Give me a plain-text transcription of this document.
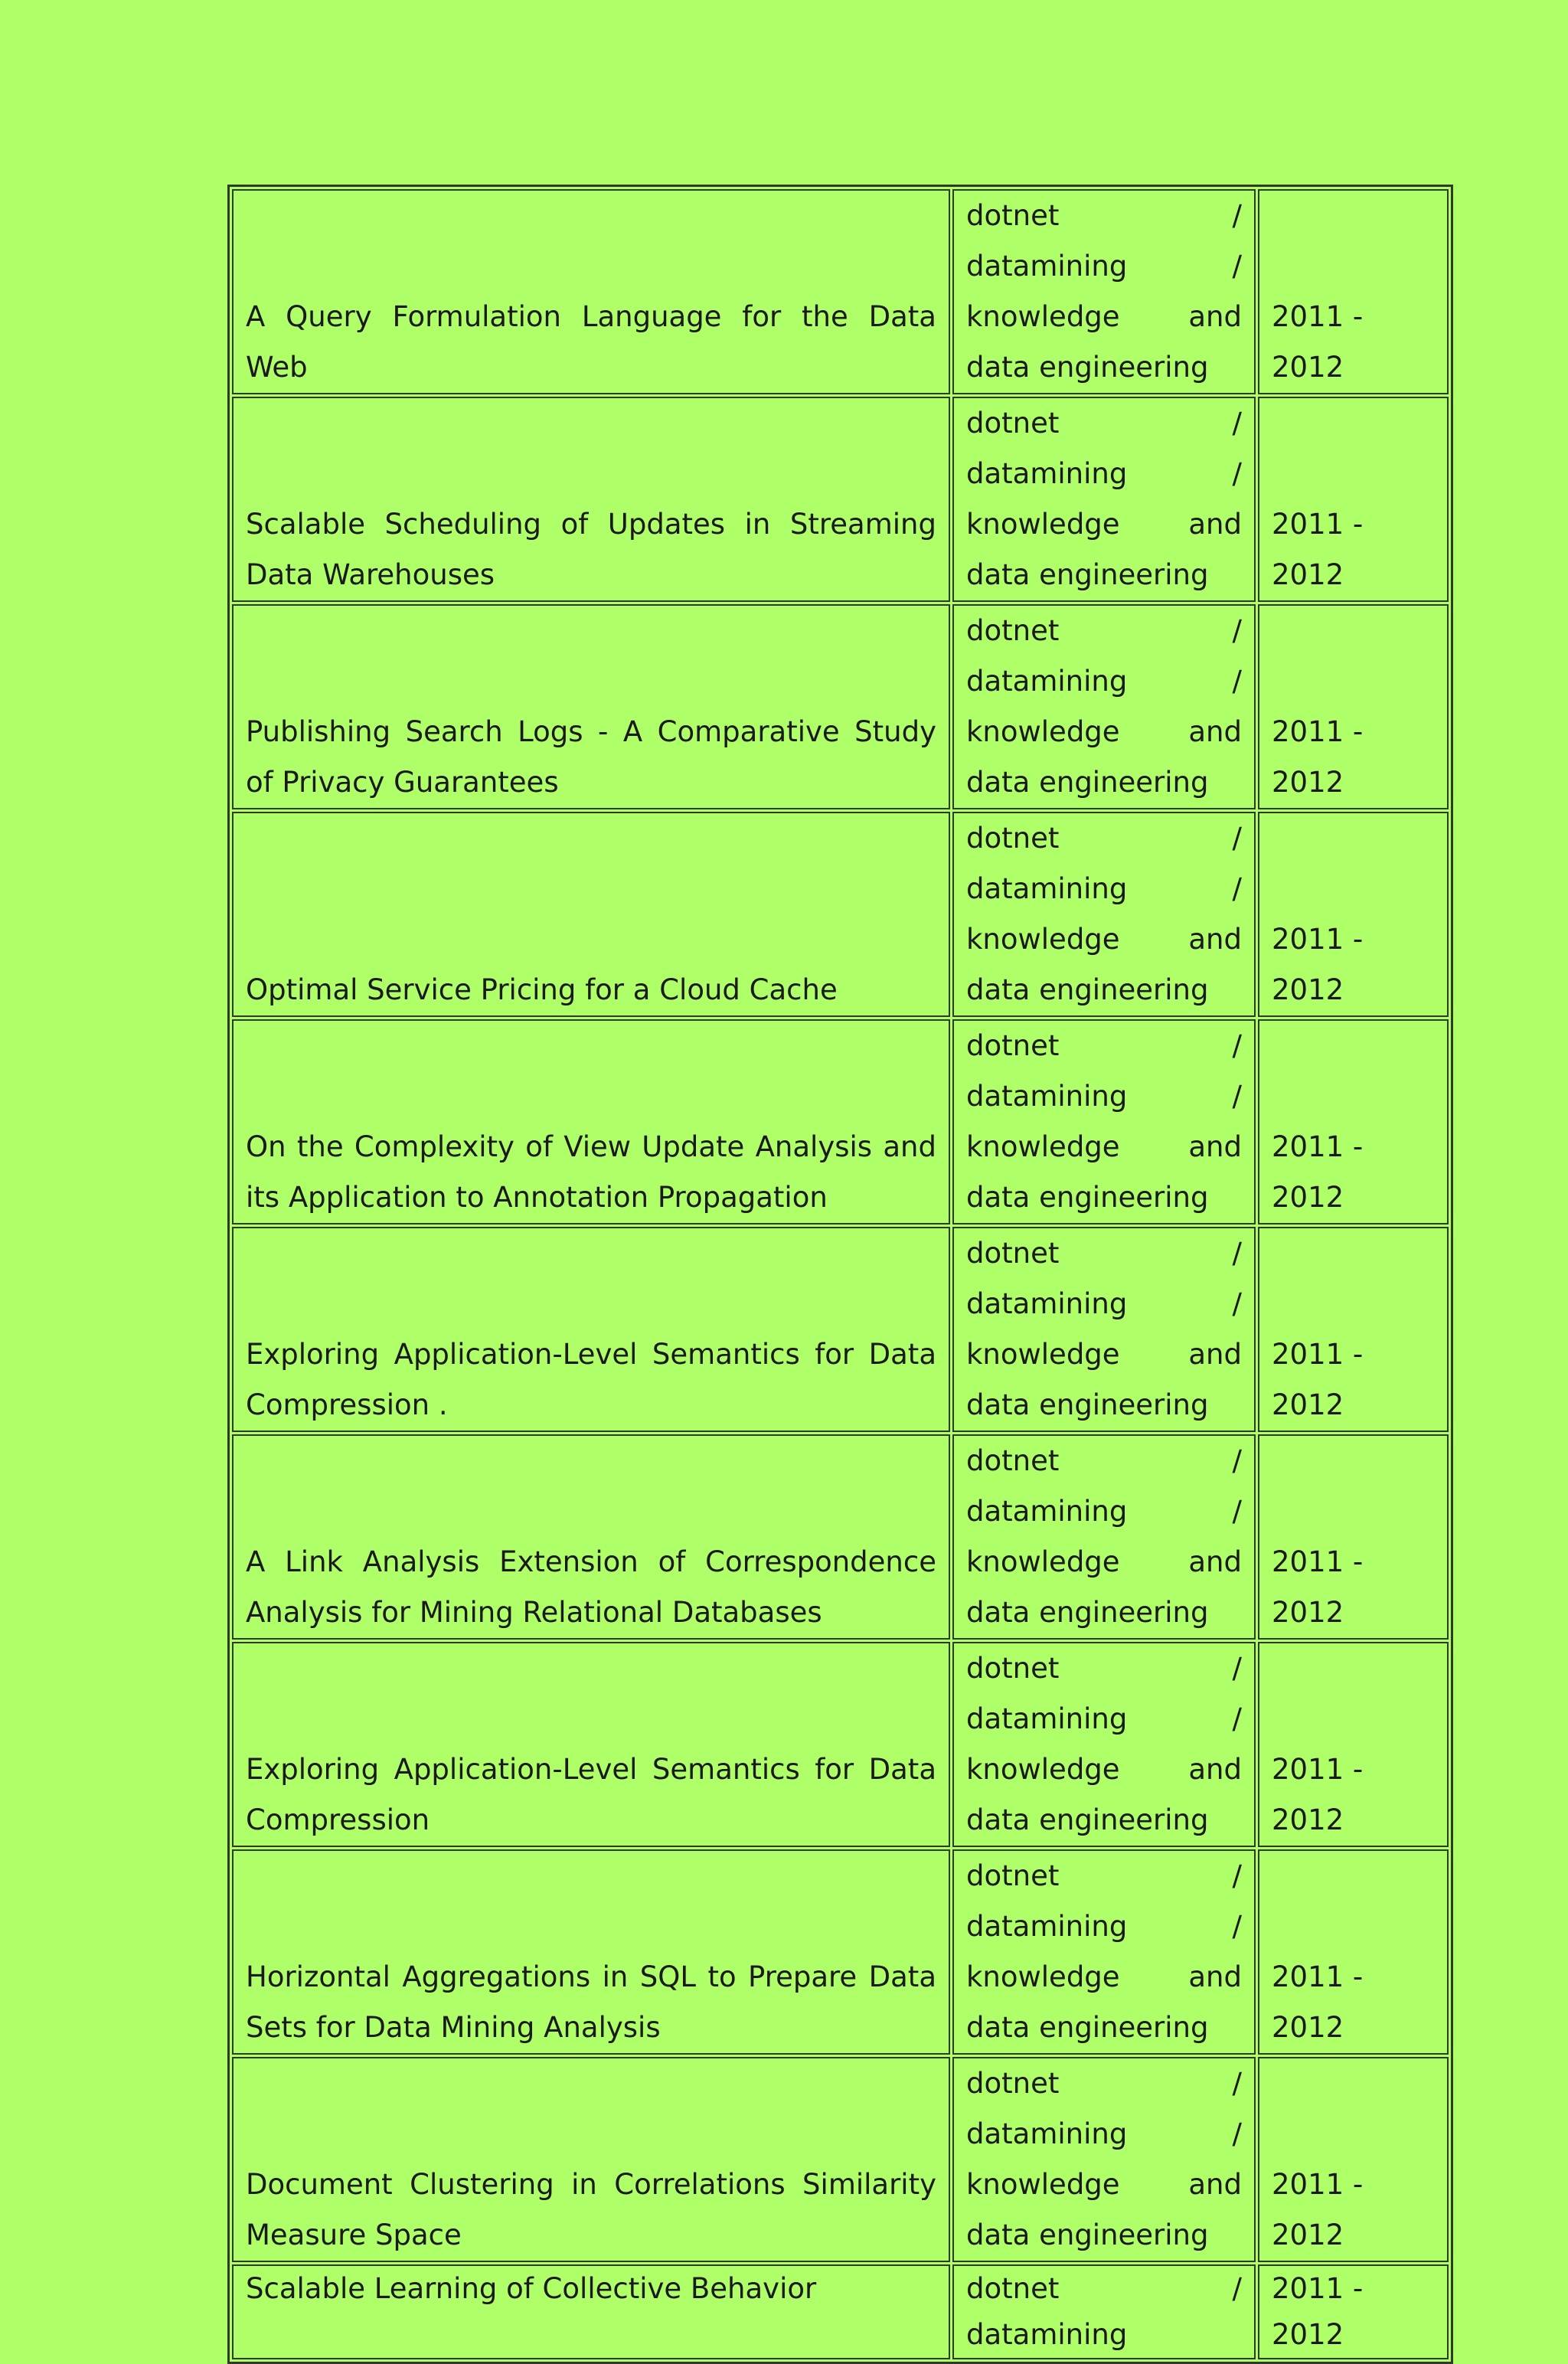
A Query Formulation Language for the Data Web	dotnet / datamining / knowledge and data engineering	2011 - 2012

Scalable Scheduling of Updates in Streaming Data Warehouses	dotnet / datamining / knowledge and data engineering	2011 - 2012

Publishing Search Logs - A Comparative Study of Privacy Guarantees	dotnet / datamining / knowledge and data engineering	2011 - 2012

Optimal Service Pricing for a Cloud Cache	dotnet / datamining / knowledge and data engineering	2011 - 2012

On the Complexity of View Update Analysis and its Application to Annotation Propagation	dotnet / datamining / knowledge and data engineering	2011 - 2012

Exploring Application-Level Semantics for Data Compression .	dotnet / datamining / knowledge and data engineering	2011 - 2012

A Link Analysis Extension of Correspondence Analysis for Mining Relational Databases	dotnet / datamining / knowledge and data engineering	2011 - 2012

Exploring Application-Level Semantics for Data Compression	dotnet / datamining / knowledge and data engineering	2011 - 2012

Horizontal Aggregations in SQL to Prepare Data Sets for Data Mining Analysis	dotnet / datamining / knowledge and data engineering	2011 - 2012

Document Clustering in Correlations Similarity Measure Space	dotnet / datamining / knowledge and data engineering	2011 - 2012

Scalable Learning of Collective Behavior	dotnet / datamining	2011 - 2012
